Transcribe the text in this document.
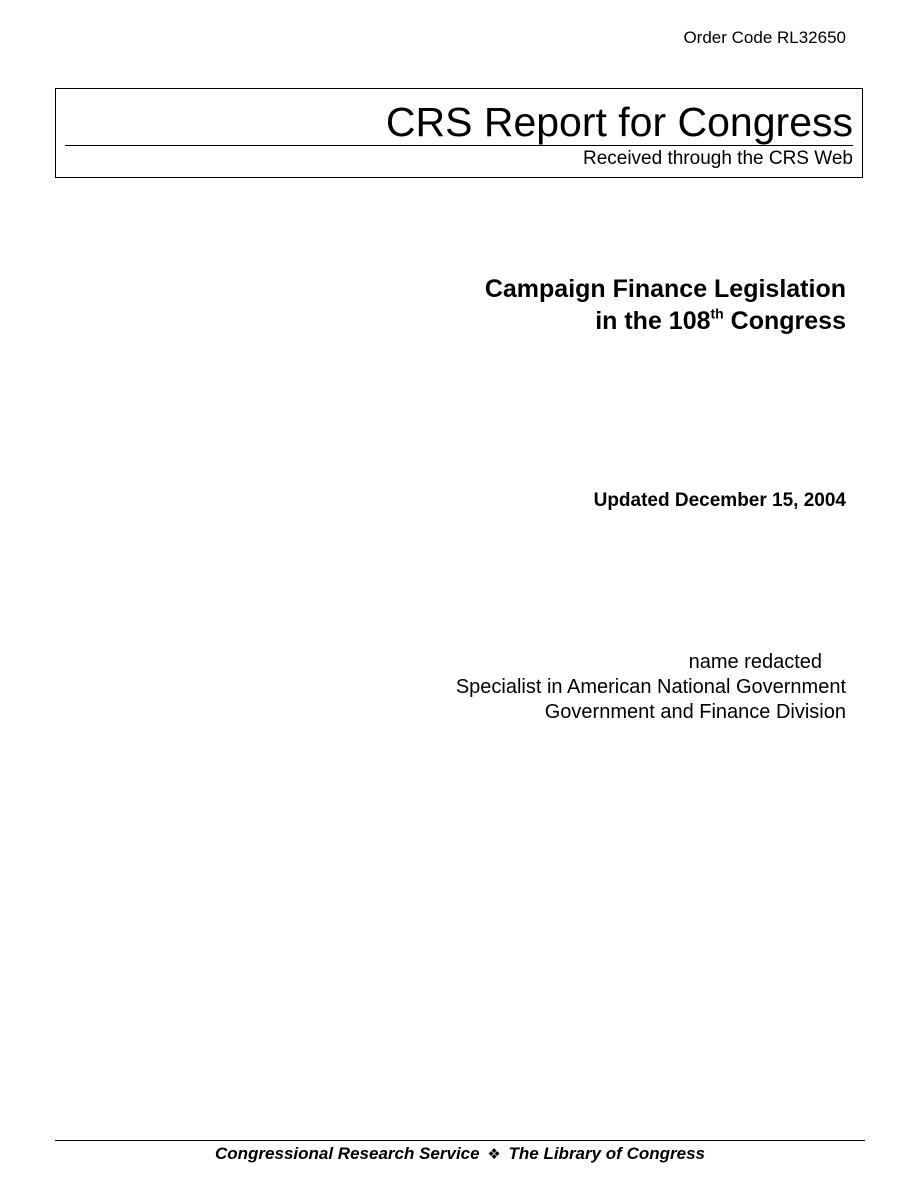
Order Code RL32650
CRS Report for Congress
Received through the CRS Web
Campaign Finance Legislation
in the 108th Congress
Updated December 15, 2004
name redacted
Specialist in American National Government
Government and Finance Division
Congressional Research Service ❖ The Library of Congress
